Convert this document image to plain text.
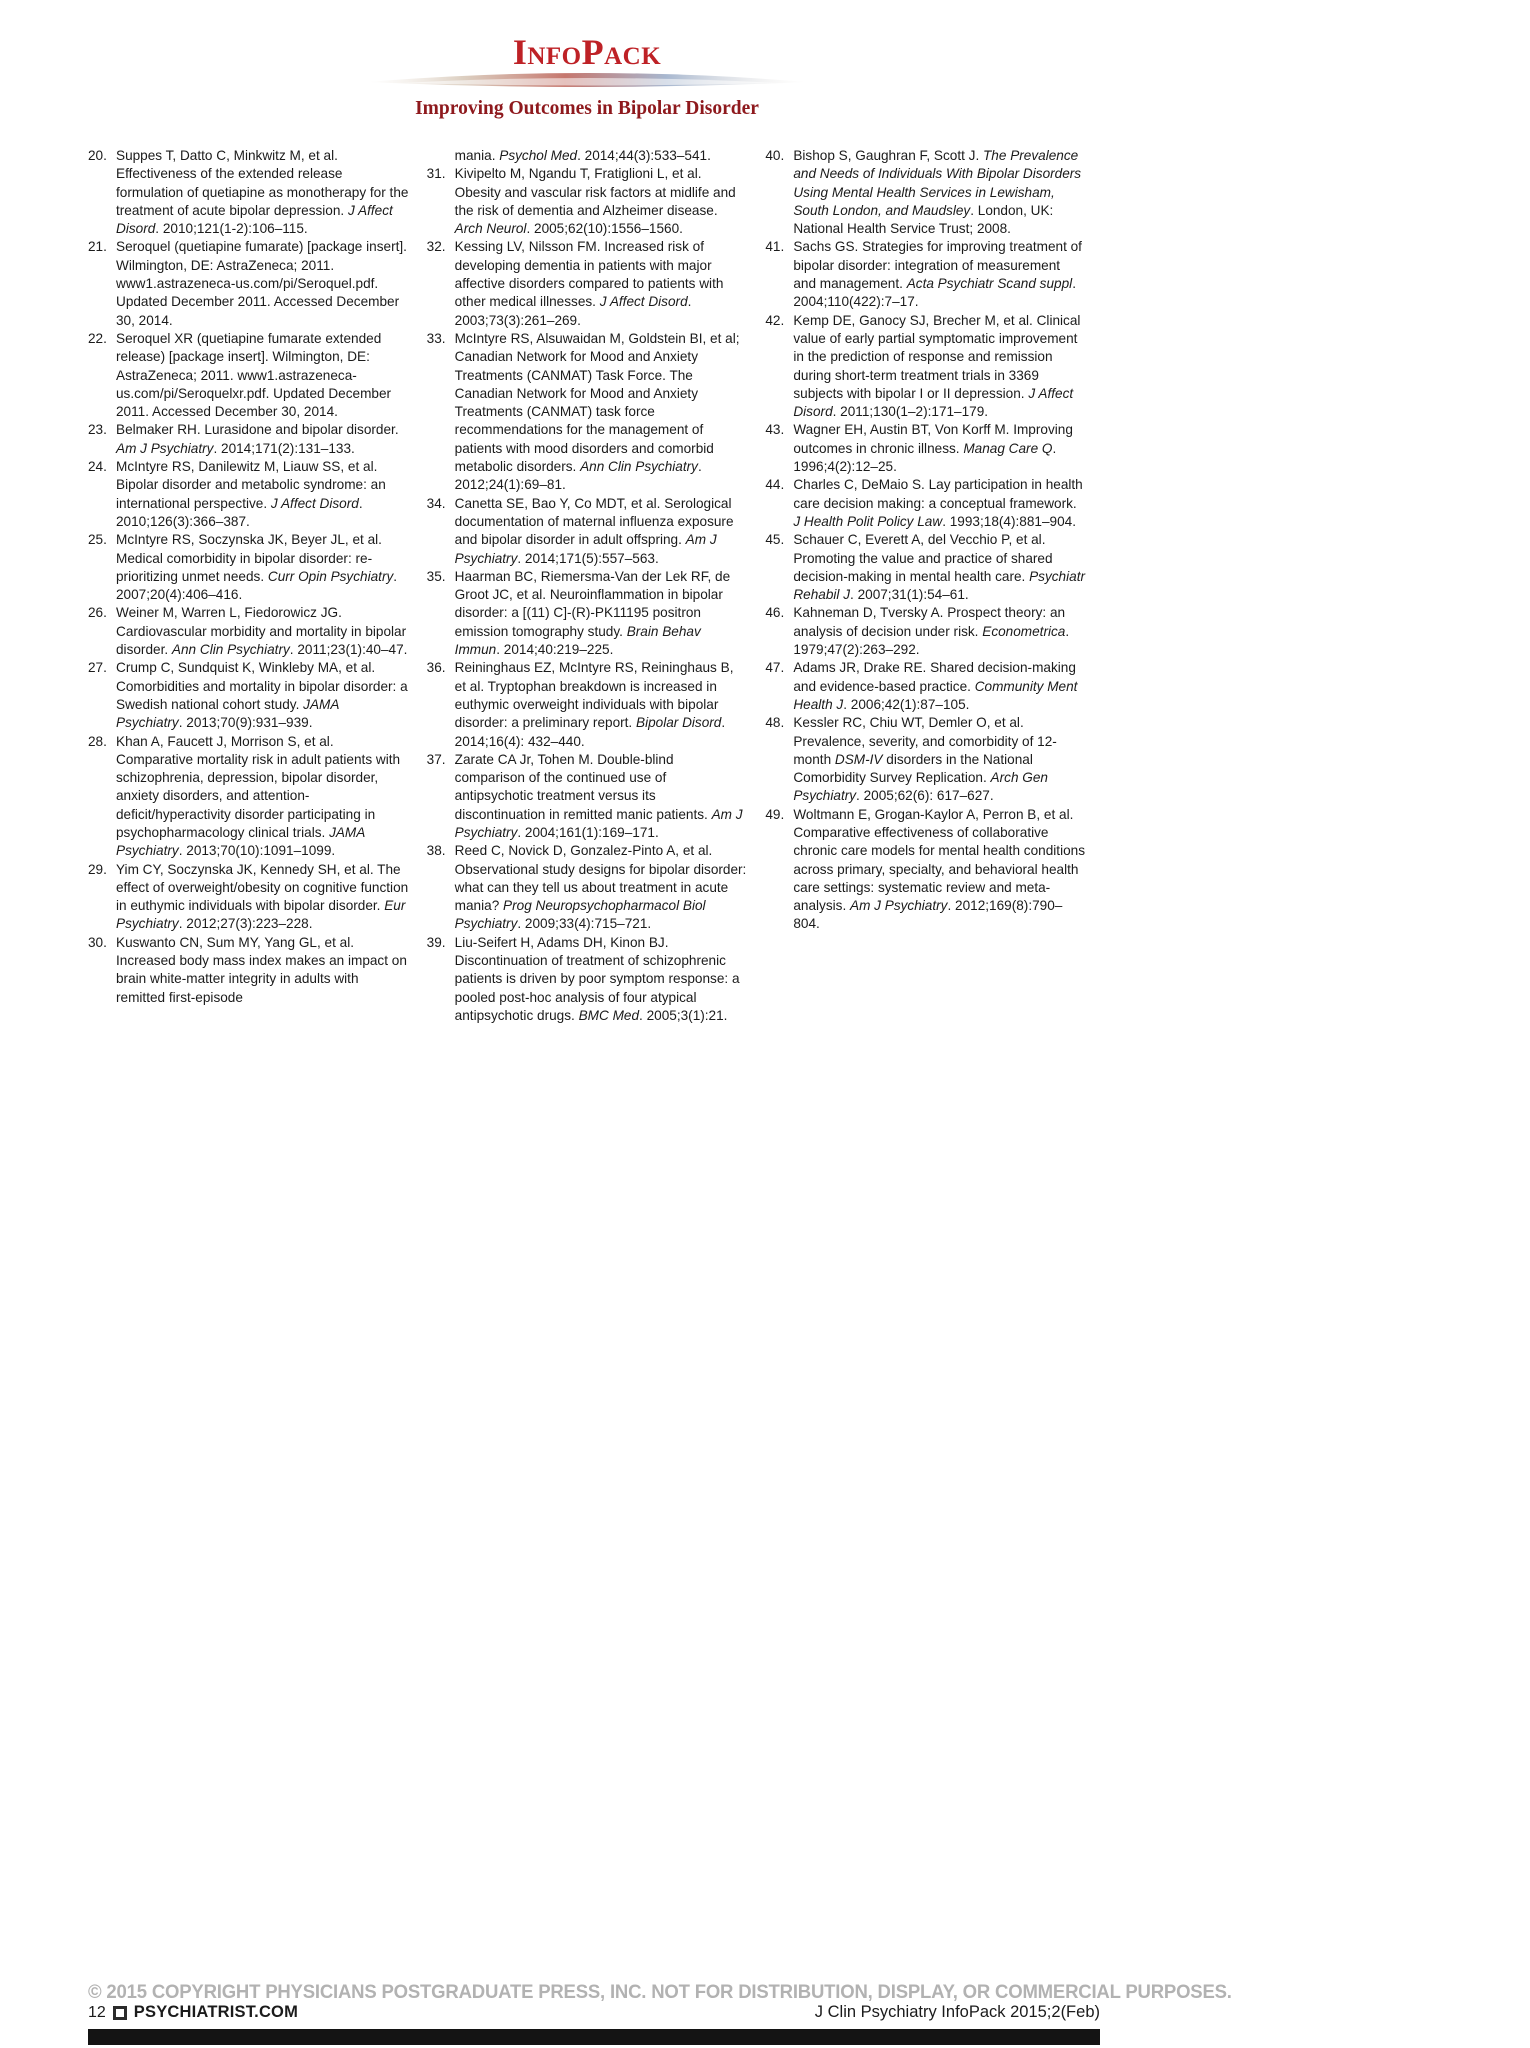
InfoPack
Improving Outcomes in Bipolar Disorder
20. Suppes T, Datto C, Minkwitz M, et al. Effectiveness of the extended release formulation of quetiapine as monotherapy for the treatment of acute bipolar depression. J Affect Disord. 2010;121(1-2):106–115.
21. Seroquel (quetiapine fumarate) [package insert]. Wilmington, DE: AstraZeneca; 2011. www1.astrazeneca-us.com/pi/Seroquel.pdf. Updated December 2011. Accessed December 30, 2014.
22. Seroquel XR (quetiapine fumarate extended release) [package insert]. Wilmington, DE: AstraZeneca; 2011. www1.astrazeneca-us.com/pi/Seroquelxr.pdf. Updated December 2011. Accessed December 30, 2014.
23. Belmaker RH. Lurasidone and bipolar disorder. Am J Psychiatry. 2014;171(2):131–133.
24. McIntyre RS, Danilewitz M, Liauw SS, et al. Bipolar disorder and metabolic syndrome: an international perspective. J Affect Disord. 2010;126(3):366–387.
25. McIntyre RS, Soczynska JK, Beyer JL, et al. Medical comorbidity in bipolar disorder: re-prioritizing unmet needs. Curr Opin Psychiatry. 2007;20(4):406–416.
26. Weiner M, Warren L, Fiedorowicz JG. Cardiovascular morbidity and mortality in bipolar disorder. Ann Clin Psychiatry. 2011;23(1):40–47.
27. Crump C, Sundquist K, Winkleby MA, et al. Comorbidities and mortality in bipolar disorder: a Swedish national cohort study. JAMA Psychiatry. 2013;70(9):931–939.
28. Khan A, Faucett J, Morrison S, et al. Comparative mortality risk in adult patients with schizophrenia, depression, bipolar disorder, anxiety disorders, and attention-deficit/hyperactivity disorder participating in psychopharmacology clinical trials. JAMA Psychiatry. 2013;70(10):1091–1099.
29. Yim CY, Soczynska JK, Kennedy SH, et al. The effect of overweight/obesity on cognitive function in euthymic individuals with bipolar disorder. Eur Psychiatry. 2012;27(3):223–228.
30. Kuswanto CN, Sum MY, Yang GL, et al. Increased body mass index makes an impact on brain white-matter integrity in adults with remitted first-episode
mania. Psychol Med. 2014;44(3):533–541.
31. Kivipelto M, Ngandu T, Fratiglioni L, et al. Obesity and vascular risk factors at midlife and the risk of dementia and Alzheimer disease. Arch Neurol. 2005;62(10):1556–1560.
32. Kessing LV, Nilsson FM. Increased risk of developing dementia in patients with major affective disorders compared to patients with other medical illnesses. J Affect Disord. 2003;73(3):261–269.
33. McIntyre RS, Alsuwaidan M, Goldstein BI, et al; Canadian Network for Mood and Anxiety Treatments (CANMAT) Task Force. The Canadian Network for Mood and Anxiety Treatments (CANMAT) task force recommendations for the management of patients with mood disorders and comorbid metabolic disorders. Ann Clin Psychiatry. 2012;24(1):69–81.
34. Canetta SE, Bao Y, Co MDT, et al. Serological documentation of maternal influenza exposure and bipolar disorder in adult offspring. Am J Psychiatry. 2014;171(5):557–563.
35. Haarman BC, Riemersma-Van der Lek RF, de Groot JC, et al. Neuroinflammation in bipolar disorder: a [(11) C]-(R)-PK11195 positron emission tomography study. Brain Behav Immun. 2014;40:219–225.
36. Reininghaus EZ, McIntyre RS, Reininghaus B, et al. Tryptophan breakdown is increased in euthymic overweight individuals with bipolar disorder: a preliminary report. Bipolar Disord. 2014;16(4): 432–440.
37. Zarate CA Jr, Tohen M. Double-blind comparison of the continued use of antipsychotic treatment versus its discontinuation in remitted manic patients. Am J Psychiatry. 2004;161(1):169–171.
38. Reed C, Novick D, Gonzalez-Pinto A, et al. Observational study designs for bipolar disorder: what can they tell us about treatment in acute mania? Prog Neuropsychopharmacol Biol Psychiatry. 2009;33(4):715–721.
39. Liu-Seifert H, Adams DH, Kinon BJ. Discontinuation of treatment of schizophrenic patients is driven by poor symptom response: a pooled post-hoc analysis of four atypical antipsychotic drugs. BMC Med. 2005;3(1):21.
40. Bishop S, Gaughran F, Scott J. The Prevalence and Needs of Individuals With Bipolar Disorders Using Mental Health Services in Lewisham, South London, and Maudsley. London, UK: National Health Service Trust; 2008.
41. Sachs GS. Strategies for improving treatment of bipolar disorder: integration of measurement and management. Acta Psychiatr Scand suppl. 2004;110(422):7–17.
42. Kemp DE, Ganocy SJ, Brecher M, et al. Clinical value of early partial symptomatic improvement in the prediction of response and remission during short-term treatment trials in 3369 subjects with bipolar I or II depression. J Affect Disord. 2011;130(1–2):171–179.
43. Wagner EH, Austin BT, Von Korff M. Improving outcomes in chronic illness. Manag Care Q. 1996;4(2):12–25.
44. Charles C, DeMaio S. Lay participation in health care decision making: a conceptual framework. J Health Polit Policy Law. 1993;18(4):881–904.
45. Schauer C, Everett A, del Vecchio P, et al. Promoting the value and practice of shared decision-making in mental health care. Psychiatr Rehabil J. 2007;31(1):54–61.
46. Kahneman D, Tversky A. Prospect theory: an analysis of decision under risk. Econometrica. 1979;47(2):263–292.
47. Adams JR, Drake RE. Shared decision-making and evidence-based practice. Community Ment Health J. 2006;42(1):87–105.
48. Kessler RC, Chiu WT, Demler O, et al. Prevalence, severity, and comorbidity of 12-month DSM-IV disorders in the National Comorbidity Survey Replication. Arch Gen Psychiatry. 2005;62(6): 617–627.
49. Woltmann E, Grogan-Kaylor A, Perron B, et al. Comparative effectiveness of collaborative chronic care models for mental health conditions across primary, specialty, and behavioral health care settings: systematic review and meta-analysis. Am J Psychiatry. 2012;169(8):790–804.
© 2015 COPYRIGHT PHYSICIANS POSTGRADUATE PRESS, INC. NOT FOR DISTRIBUTION, DISPLAY, OR COMMERCIAL PURPOSES.
12 PSYCHIATRIST.COM	J Clin Psychiatry InfoPack 2015;2(Feb)
